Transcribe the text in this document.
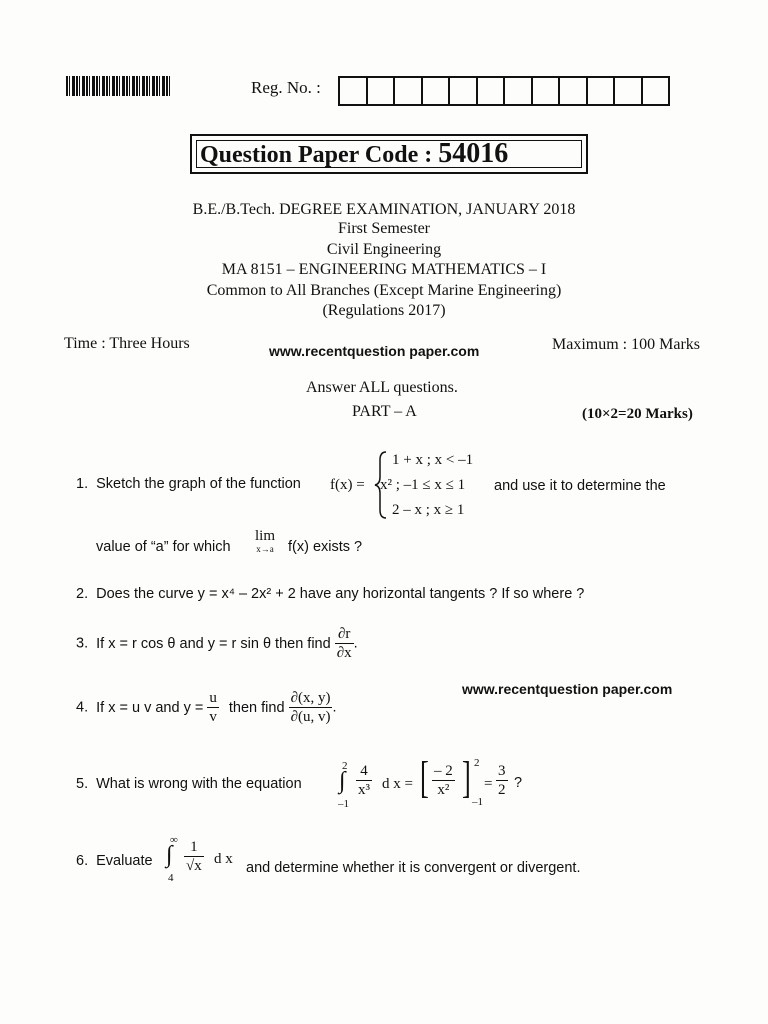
Reg. No. :
Question Paper Code : 54016
B.E./B.Tech. DEGREE EXAMINATION, JANUARY 2018
First Semester
Civil Engineering
MA 8151 – ENGINEERING MATHEMATICS – I
Common to All Branches (Except Marine Engineering)
(Regulations 2017)
Time : Three Hours	www.recentquestion paper.com	Maximum : 100 Marks
Answer ALL questions.
PART – A	(10×2=20 Marks)
1. Sketch the graph of the function f(x) =
1 + x ; x < –1
x² ; –1 ≤ x ≤ 1
2 – x ; x ≥ 1
and use it to determine the
value of “a” for which
lim
x→a f(x) exists ?
2. Does the curve y = x⁴ – 2x² + 2 have any horizontal tangents ? If so where ?
3. If x = r cos θ and y = r sin θ then find $\frac{\partial r}{\partial x}$ .
www.recentquestion paper.com
4. If x = u v and $y = \frac{u}{v}$ then find $\frac{\partial(x, y)}{\partial(u, v)}$ .
5. What is wrong with the equation
2
∫
–1
$\frac{4}{\text{x³}}$ d x = [ $\frac{- 2}{\text{x²}}$ ] 2
–1
= $\frac{3}{2}$ ?
6. Evaluate
∞
∫
4
$\frac{1}{√x}$ d x
and determine whether it is convergent or divergent.
